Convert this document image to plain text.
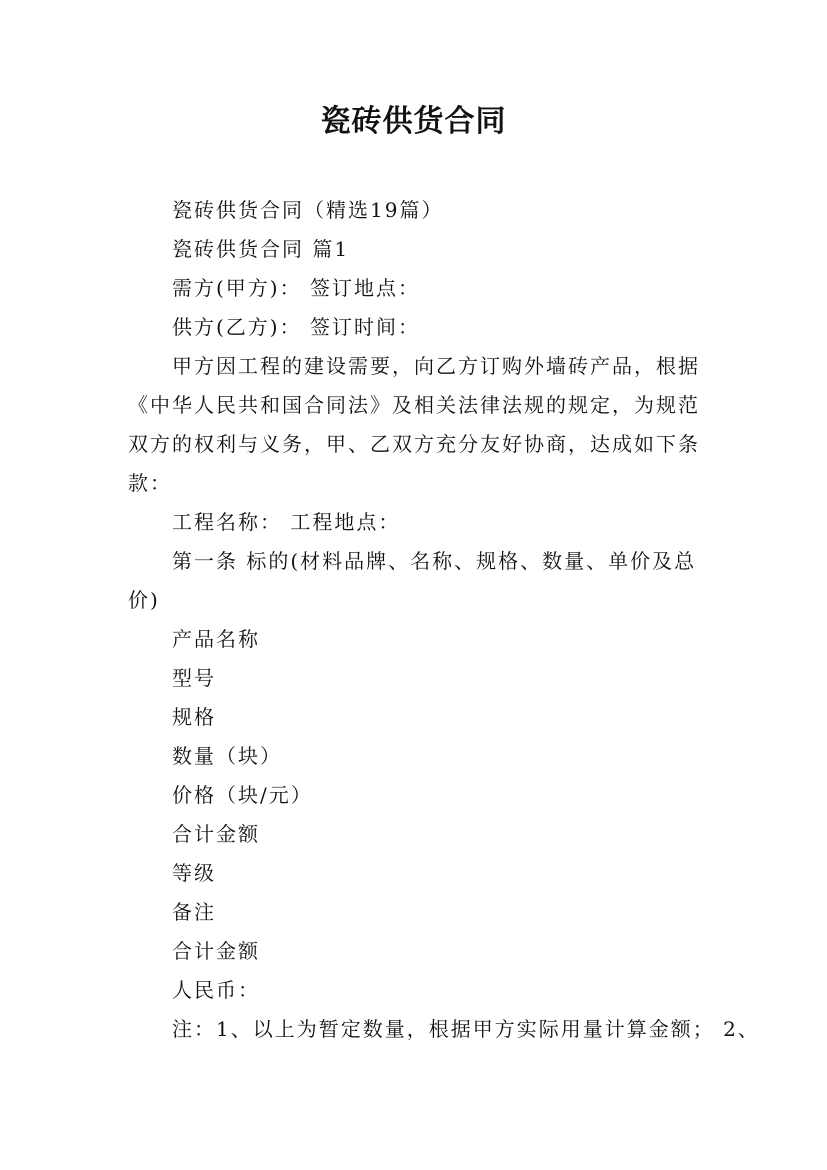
瓷砖供货合同

瓷砖供货合同（精选19篇）

瓷砖供货合同 篇1

需方(甲方)： 签订地点：

供方(乙方)： 签订时间：

甲方因工程的建设需要，向乙方订购外墙砖产品，根据《中华人民共和国合同法》及相关法律法规的规定，为规范双方的权利与义务，甲、乙双方充分友好协商，达成如下条款：

工程名称： 工程地点：

第一条 标的(材料品牌、名称、规格、数量、单价及总价)

产品名称

型号

规格

数量（块）

价格（块/元）

合计金额

等级

备注

合计金额

人民币：

注：1、以上为暂定数量，根据甲方实际用量计算金额； 2、
